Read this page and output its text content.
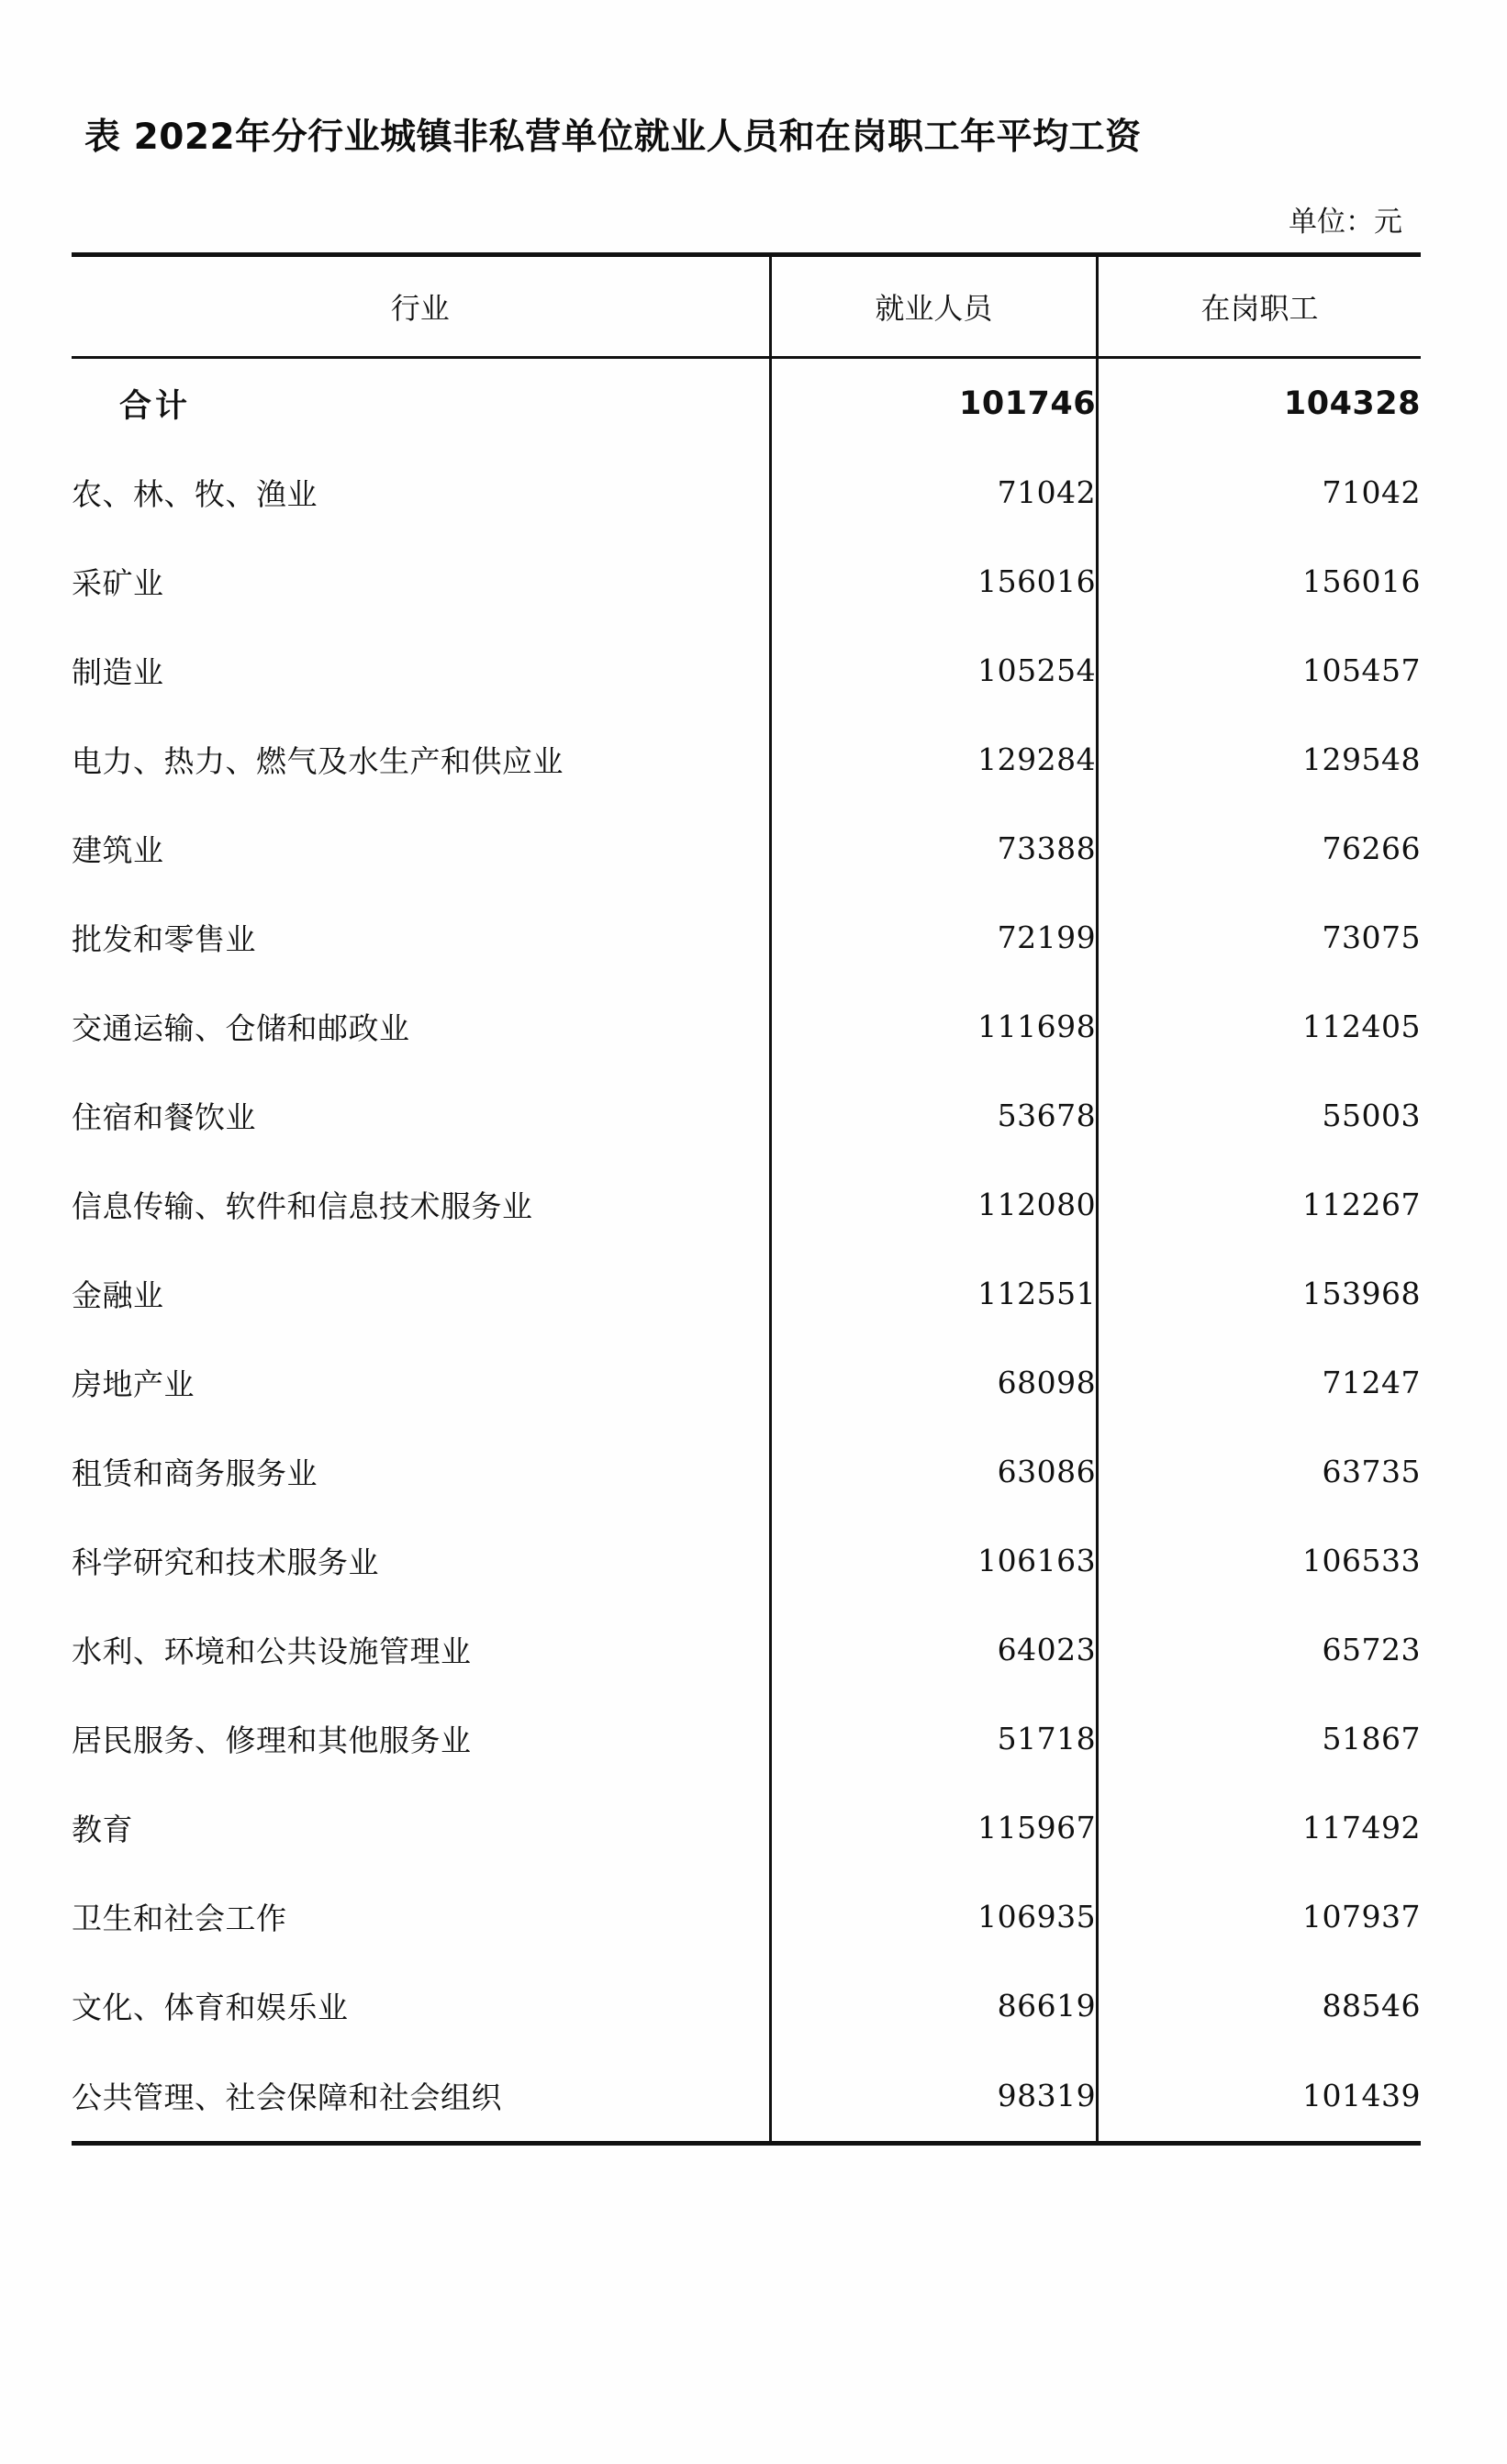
表 2022年分行业城镇非私营单位就业人员和在岗职工年平均工资
单位：元
行业	就业人员	在岗职工
合计	101746	104328
农、林、牧、渔业	71042	71042
采矿业	156016	156016
制造业	105254	105457
电力、热力、燃气及水生产和供应业	129284	129548
建筑业	73388	76266
批发和零售业	72199	73075
交通运输、仓储和邮政业	111698	112405
住宿和餐饮业	53678	55003
信息传输、软件和信息技术服务业	112080	112267
金融业	112551	153968
房地产业	68098	71247
租赁和商务服务业	63086	63735
科学研究和技术服务业	106163	106533
水利、环境和公共设施管理业	64023	65723
居民服务、修理和其他服务业	51718	51867
教育	115967	117492
卫生和社会工作	106935	107937
文化、体育和娱乐业	86619	88546
公共管理、社会保障和社会组织	98319	101439
